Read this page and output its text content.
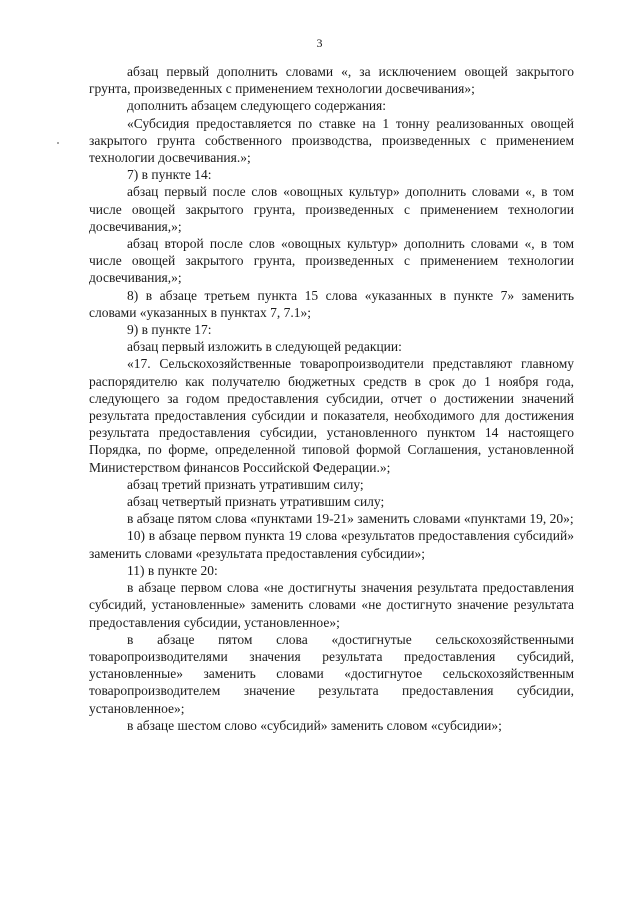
3

абзац первый дополнить словами «, за исключением овощей закрытого грунта, произведенных с применением технологии досвечивания»;

дополнить абзацем следующего содержания:

«Субсидия предоставляется по ставке на 1 тонну реализованных овощей закрытого грунта собственного производства, произведенных с применением технологии досвечивания.»;

7) в пункте 14:

абзац первый после слов «овощных культур» дополнить словами «, в том числе овощей закрытого грунта, произведенных с применением технологии досвечивания,»;

абзац второй после слов «овощных культур» дополнить словами «, в том числе овощей закрытого грунта, произведенных с применением технологии досвечивания,»;

8) в абзаце третьем пункта 15 слова «указанных в пункте 7» заменить словами «указанных в пунктах 7, 7.1»;

9) в пункте 17:

абзац первый изложить в следующей редакции:

«17. Сельскохозяйственные товаропроизводители представляют главному распорядителю как получателю бюджетных средств в срок до 1 ноября года, следующего за годом предоставления субсидии, отчет о достижении значений результата предоставления субсидии и показателя, необходимого для достижения результата предоставления субсидии, установленного пунктом 14 настоящего Порядка, по форме, определенной типовой формой Соглашения, установленной Министерством финансов Российской Федерации.»;

абзац третий признать утратившим силу;

абзац четвертый признать утратившим силу;

в абзаце пятом слова «пунктами 19-21» заменить словами «пунктами 19, 20»;

10) в абзаце первом пункта 19 слова «результатов предоставления субсидий» заменить словами «результата предоставления субсидии»;

11) в пункте 20:

в абзаце первом слова «не достигнуты значения результата предоставления субсидий, установленные» заменить словами «не достигнуто значение результата предоставления субсидии, установленное»;

в абзаце пятом слова «достигнутые сельскохозяйственными товаропроизводителями значения результата предоставления субсидий, установленные» заменить словами «достигнутое сельскохозяйственным товаропроизводителем значение результата предоставления субсидии, установленное»;

в абзаце шестом слово «субсидий» заменить словом «субсидии»;
